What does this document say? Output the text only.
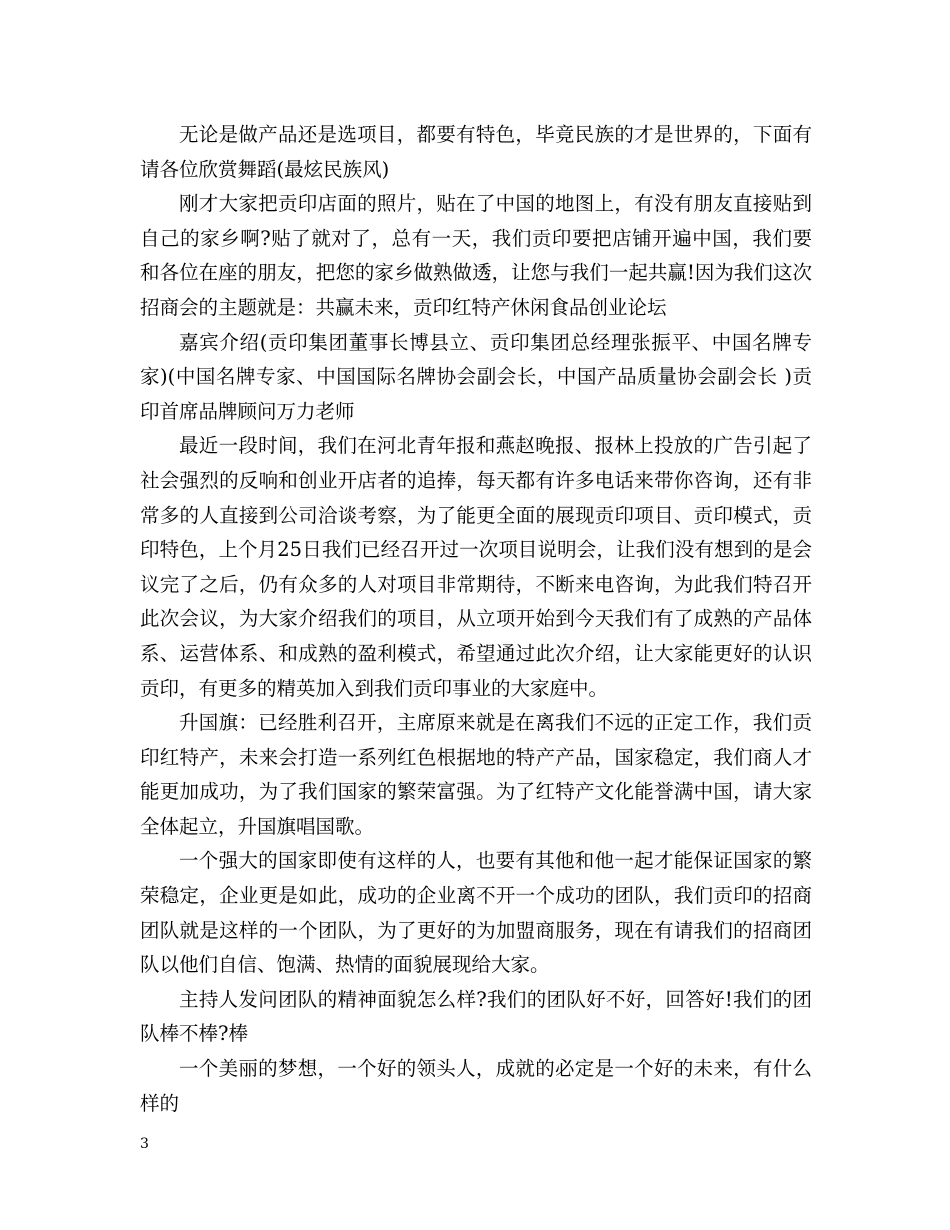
无论是做产品还是选项目，都要有特色，毕竟民族的才是世界的，下面有请各位欣赏舞蹈(最炫民族风)

刚才大家把贡印店面的照片，贴在了中国的地图上，有没有朋友直接贴到自己的家乡啊?贴了就对了，总有一天，我们贡印要把店铺开遍中国，我们要和各位在座的朋友，把您的家乡做熟做透，让您与我们一起共赢!因为我们这次招商会的主题就是：共赢未来，贡印红特产休闲食品创业论坛

嘉宾介绍(贡印集团董事长博县立、贡印集团总经理张振平、中国名牌专家)(中国名牌专家、中国国际名牌协会副会长，中国产品质量协会副会长 )贡印首席品牌顾问万力老师

最近一段时间，我们在河北青年报和燕赵晚报、报林上投放的广告引起了社会强烈的反响和创业开店者的追捧，每天都有许多电话来带你咨询，还有非常多的人直接到公司洽谈考察，为了能更全面的展现贡印项目、贡印模式，贡印特色，上个月25日我们已经召开过一次项目说明会，让我们没有想到的是会议完了之后，仍有众多的人对项目非常期待，不断来电咨询，为此我们特召开此次会议，为大家介绍我们的项目，从立项开始到今天我们有了成熟的产品体系、运营体系、和成熟的盈利模式，希望通过此次介绍，让大家能更好的认识贡印，有更多的精英加入到我们贡印事业的大家庭中。

升国旗：已经胜利召开，主席原来就是在离我们不远的正定工作，我们贡印红特产，未来会打造一系列红色根据地的特产产品，国家稳定，我们商人才能更加成功，为了我们国家的繁荣富强。为了红特产文化能誉满中国，请大家全体起立，升国旗唱国歌。

一个强大的国家即使有这样的人，也要有其他和他一起才能保证国家的繁荣稳定，企业更是如此，成功的企业离不开一个成功的团队，我们贡印的招商团队就是这样的一个团队，为了更好的为加盟商服务，现在有请我们的招商团队以他们自信、饱满、热情的面貌展现给大家。

主持人发问团队的精神面貌怎么样?我们的团队好不好，回答好!我们的团队棒不棒?棒

一个美丽的梦想，一个好的领头人，成就的必定是一个好的未来，有什么样的

3
